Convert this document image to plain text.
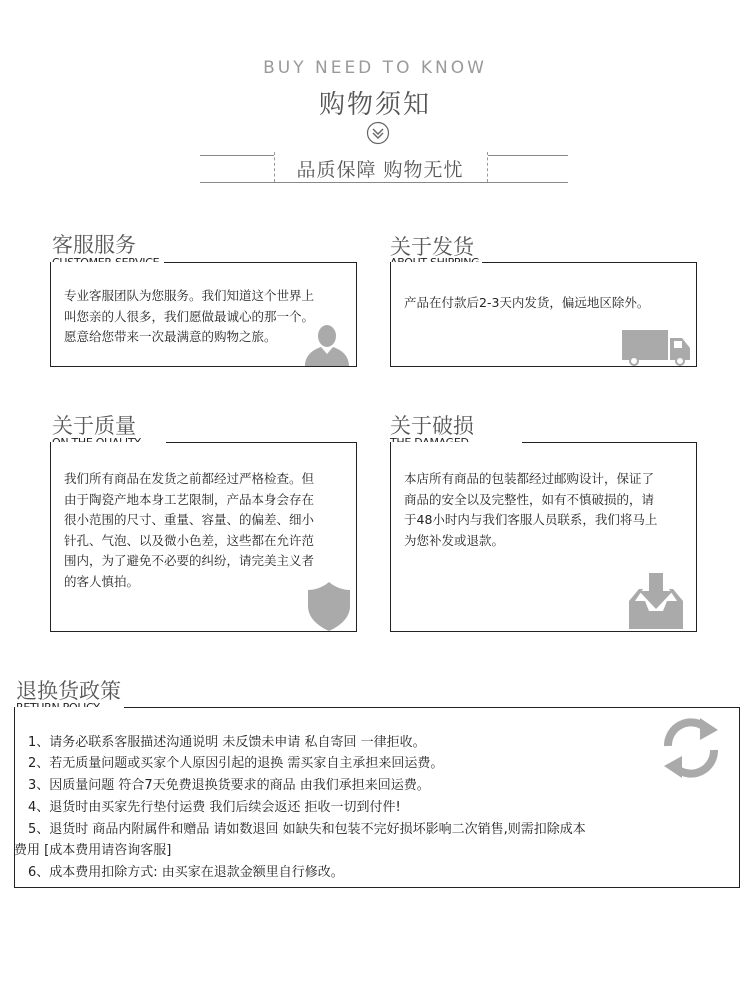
BUY NEED TO KNOW
购物须知
品质保障 购物无忧
客服服务
专业客服团队为您服务。我们知道这个世界上
叫您亲的人很多，我们愿做最诚心的那一个。
愿意给您带来一次最满意的购物之旅。
关于发货
产品在付款后2-3天内发货，偏远地区除外。
关于质量
我们所有商品在发货之前都经过严格检查。但
由于陶瓷产地本身工艺限制，产品本身会存在
很小范围的尺寸、重量、容量、的偏差、细小
针孔、气泡、以及微小色差，这些都在允许范
围内，为了避免不必要的纠纷，请完美主义者
的客人慎拍。
关于破损
本店所有商品的包装都经过邮购设计，保证了
商品的安全以及完整性，如有不慎破损的，请
于48小时内与我们客服人员联系，我们将马上
为您补发或退款。
退换货政策
1、请务必联系客服描述沟通说明 未反馈未申请 私自寄回 一律拒收。
2、若无质量问题或买家个人原因引起的退换 需买家自主承担来回运费。
3、因质量问题 符合7天免费退换货要求的商品 由我们承担来回运费。
4、退货时由买家先行垫付运费 我们后续会返还 拒收一切到付件!
5、退货时 商品内附属件和赠品 请如数退回 如缺失和包装不完好损坏影响二次销售,则需扣除成本
费用 [成本费用请咨询客服]
6、成本费用扣除方式: 由买家在退款金额里自行修改。
